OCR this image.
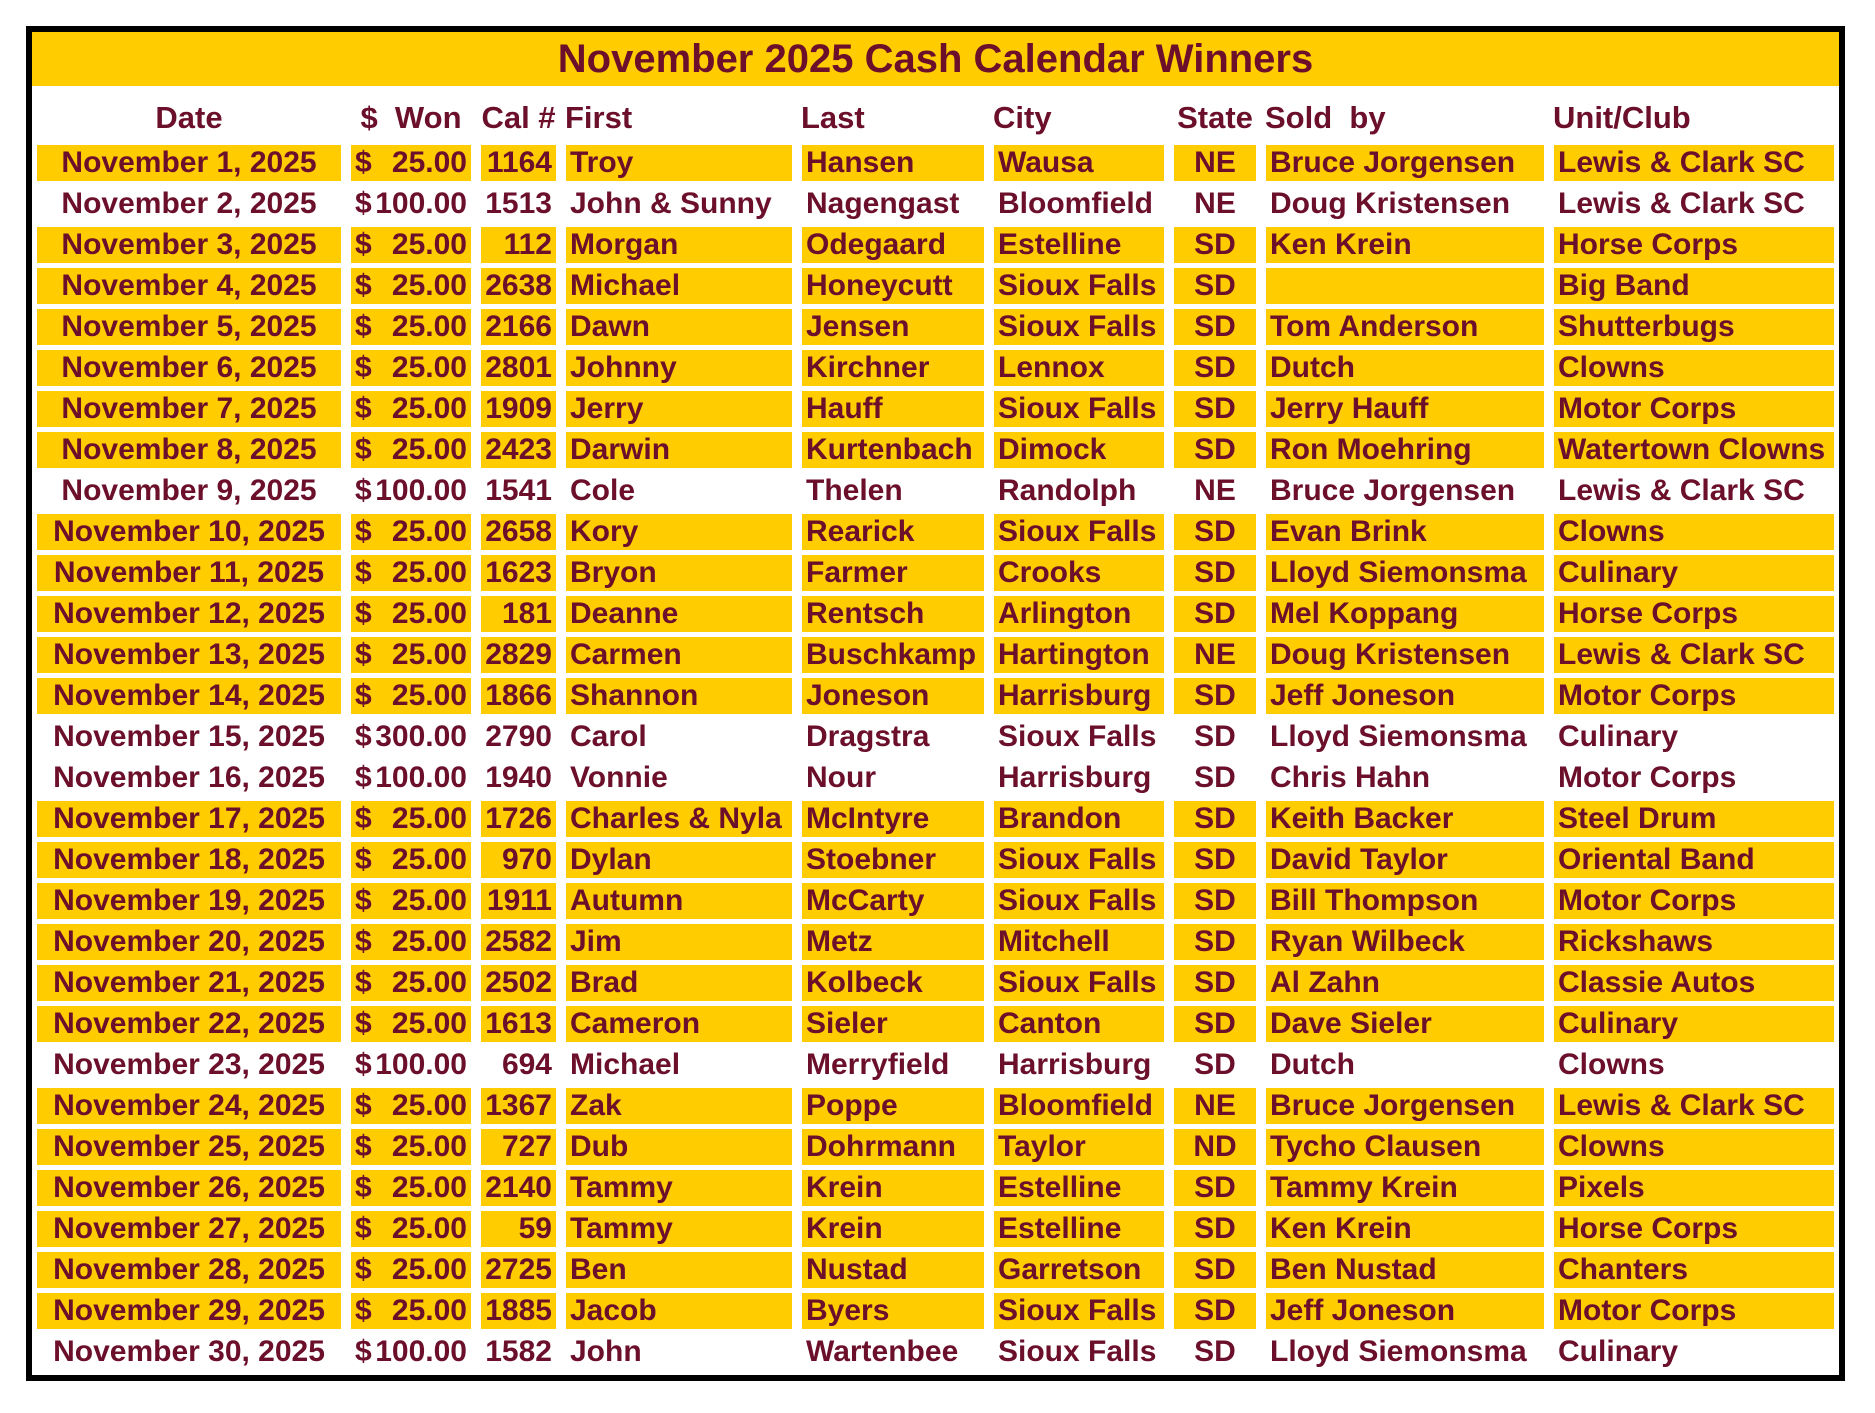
November 2025 Cash Calendar Winners
Date	$  Won	Cal #	First	Last	City	State	Sold  by	Unit/Club
November 1, 2025	$ 25.00	1164	Troy	Hansen	Wausa	NE	Bruce Jorgensen	Lewis & Clark SC
November 2, 2025	$ 100.00	1513	John & Sunny	Nagengast	Bloomfield	NE	Doug Kristensen	Lewis & Clark SC
November 3, 2025	$ 25.00	112	Morgan	Odegaard	Estelline	SD	Ken Krein	Horse Corps
November 4, 2025	$ 25.00	2638	Michael	Honeycutt	Sioux Falls	SD		Big Band
November 5, 2025	$ 25.00	2166	Dawn	Jensen	Sioux Falls	SD	Tom Anderson	Shutterbugs
November 6, 2025	$ 25.00	2801	Johnny	Kirchner	Lennox	SD	Dutch	Clowns
November 7, 2025	$ 25.00	1909	Jerry	Hauff	Sioux Falls	SD	Jerry Hauff	Motor Corps
November 8, 2025	$ 25.00	2423	Darwin	Kurtenbach	Dimock	SD	Ron Moehring	Watertown Clowns
November 9, 2025	$ 100.00	1541	Cole	Thelen	Randolph	NE	Bruce Jorgensen	Lewis & Clark SC
November 10, 2025	$ 25.00	2658	Kory	Rearick	Sioux Falls	SD	Evan Brink	Clowns
November 11, 2025	$ 25.00	1623	Bryon	Farmer	Crooks	SD	Lloyd Siemonsma	Culinary
November 12, 2025	$ 25.00	181	Deanne	Rentsch	Arlington	SD	Mel Koppang	Horse Corps
November 13, 2025	$ 25.00	2829	Carmen	Buschkamp	Hartington	NE	Doug Kristensen	Lewis & Clark SC
November 14, 2025	$ 25.00	1866	Shannon	Joneson	Harrisburg	SD	Jeff Joneson	Motor Corps
November 15, 2025	$ 300.00	2790	Carol	Dragstra	Sioux Falls	SD	Lloyd Siemonsma	Culinary
November 16, 2025	$ 100.00	1940	Vonnie	Nour	Harrisburg	SD	Chris Hahn	Motor Corps
November 17, 2025	$ 25.00	1726	Charles & Nyla	McIntyre	Brandon	SD	Keith Backer	Steel Drum
November 18, 2025	$ 25.00	970	Dylan	Stoebner	Sioux Falls	SD	David Taylor	Oriental Band
November 19, 2025	$ 25.00	1911	Autumn	McCarty	Sioux Falls	SD	Bill Thompson	Motor Corps
November 20, 2025	$ 25.00	2582	Jim	Metz	Mitchell	SD	Ryan Wilbeck	Rickshaws
November 21, 2025	$ 25.00	2502	Brad	Kolbeck	Sioux Falls	SD	Al Zahn	Classie Autos
November 22, 2025	$ 25.00	1613	Cameron	Sieler	Canton	SD	Dave Sieler	Culinary
November 23, 2025	$ 100.00	694	Michael	Merryfield	Harrisburg	SD	Dutch	Clowns
November 24, 2025	$ 25.00	1367	Zak	Poppe	Bloomfield	NE	Bruce Jorgensen	Lewis & Clark SC
November 25, 2025	$ 25.00	727	Dub	Dohrmann	Taylor	ND	Tycho Clausen	Clowns
November 26, 2025	$ 25.00	2140	Tammy	Krein	Estelline	SD	Tammy Krein	Pixels
November 27, 2025	$ 25.00	59	Tammy	Krein	Estelline	SD	Ken Krein	Horse Corps
November 28, 2025	$ 25.00	2725	Ben	Nustad	Garretson	SD	Ben Nustad	Chanters
November 29, 2025	$ 25.00	1885	Jacob	Byers	Sioux Falls	SD	Jeff Joneson	Motor Corps
November 30, 2025	$ 100.00	1582	John	Wartenbee	Sioux Falls	SD	Lloyd Siemonsma	Culinary
